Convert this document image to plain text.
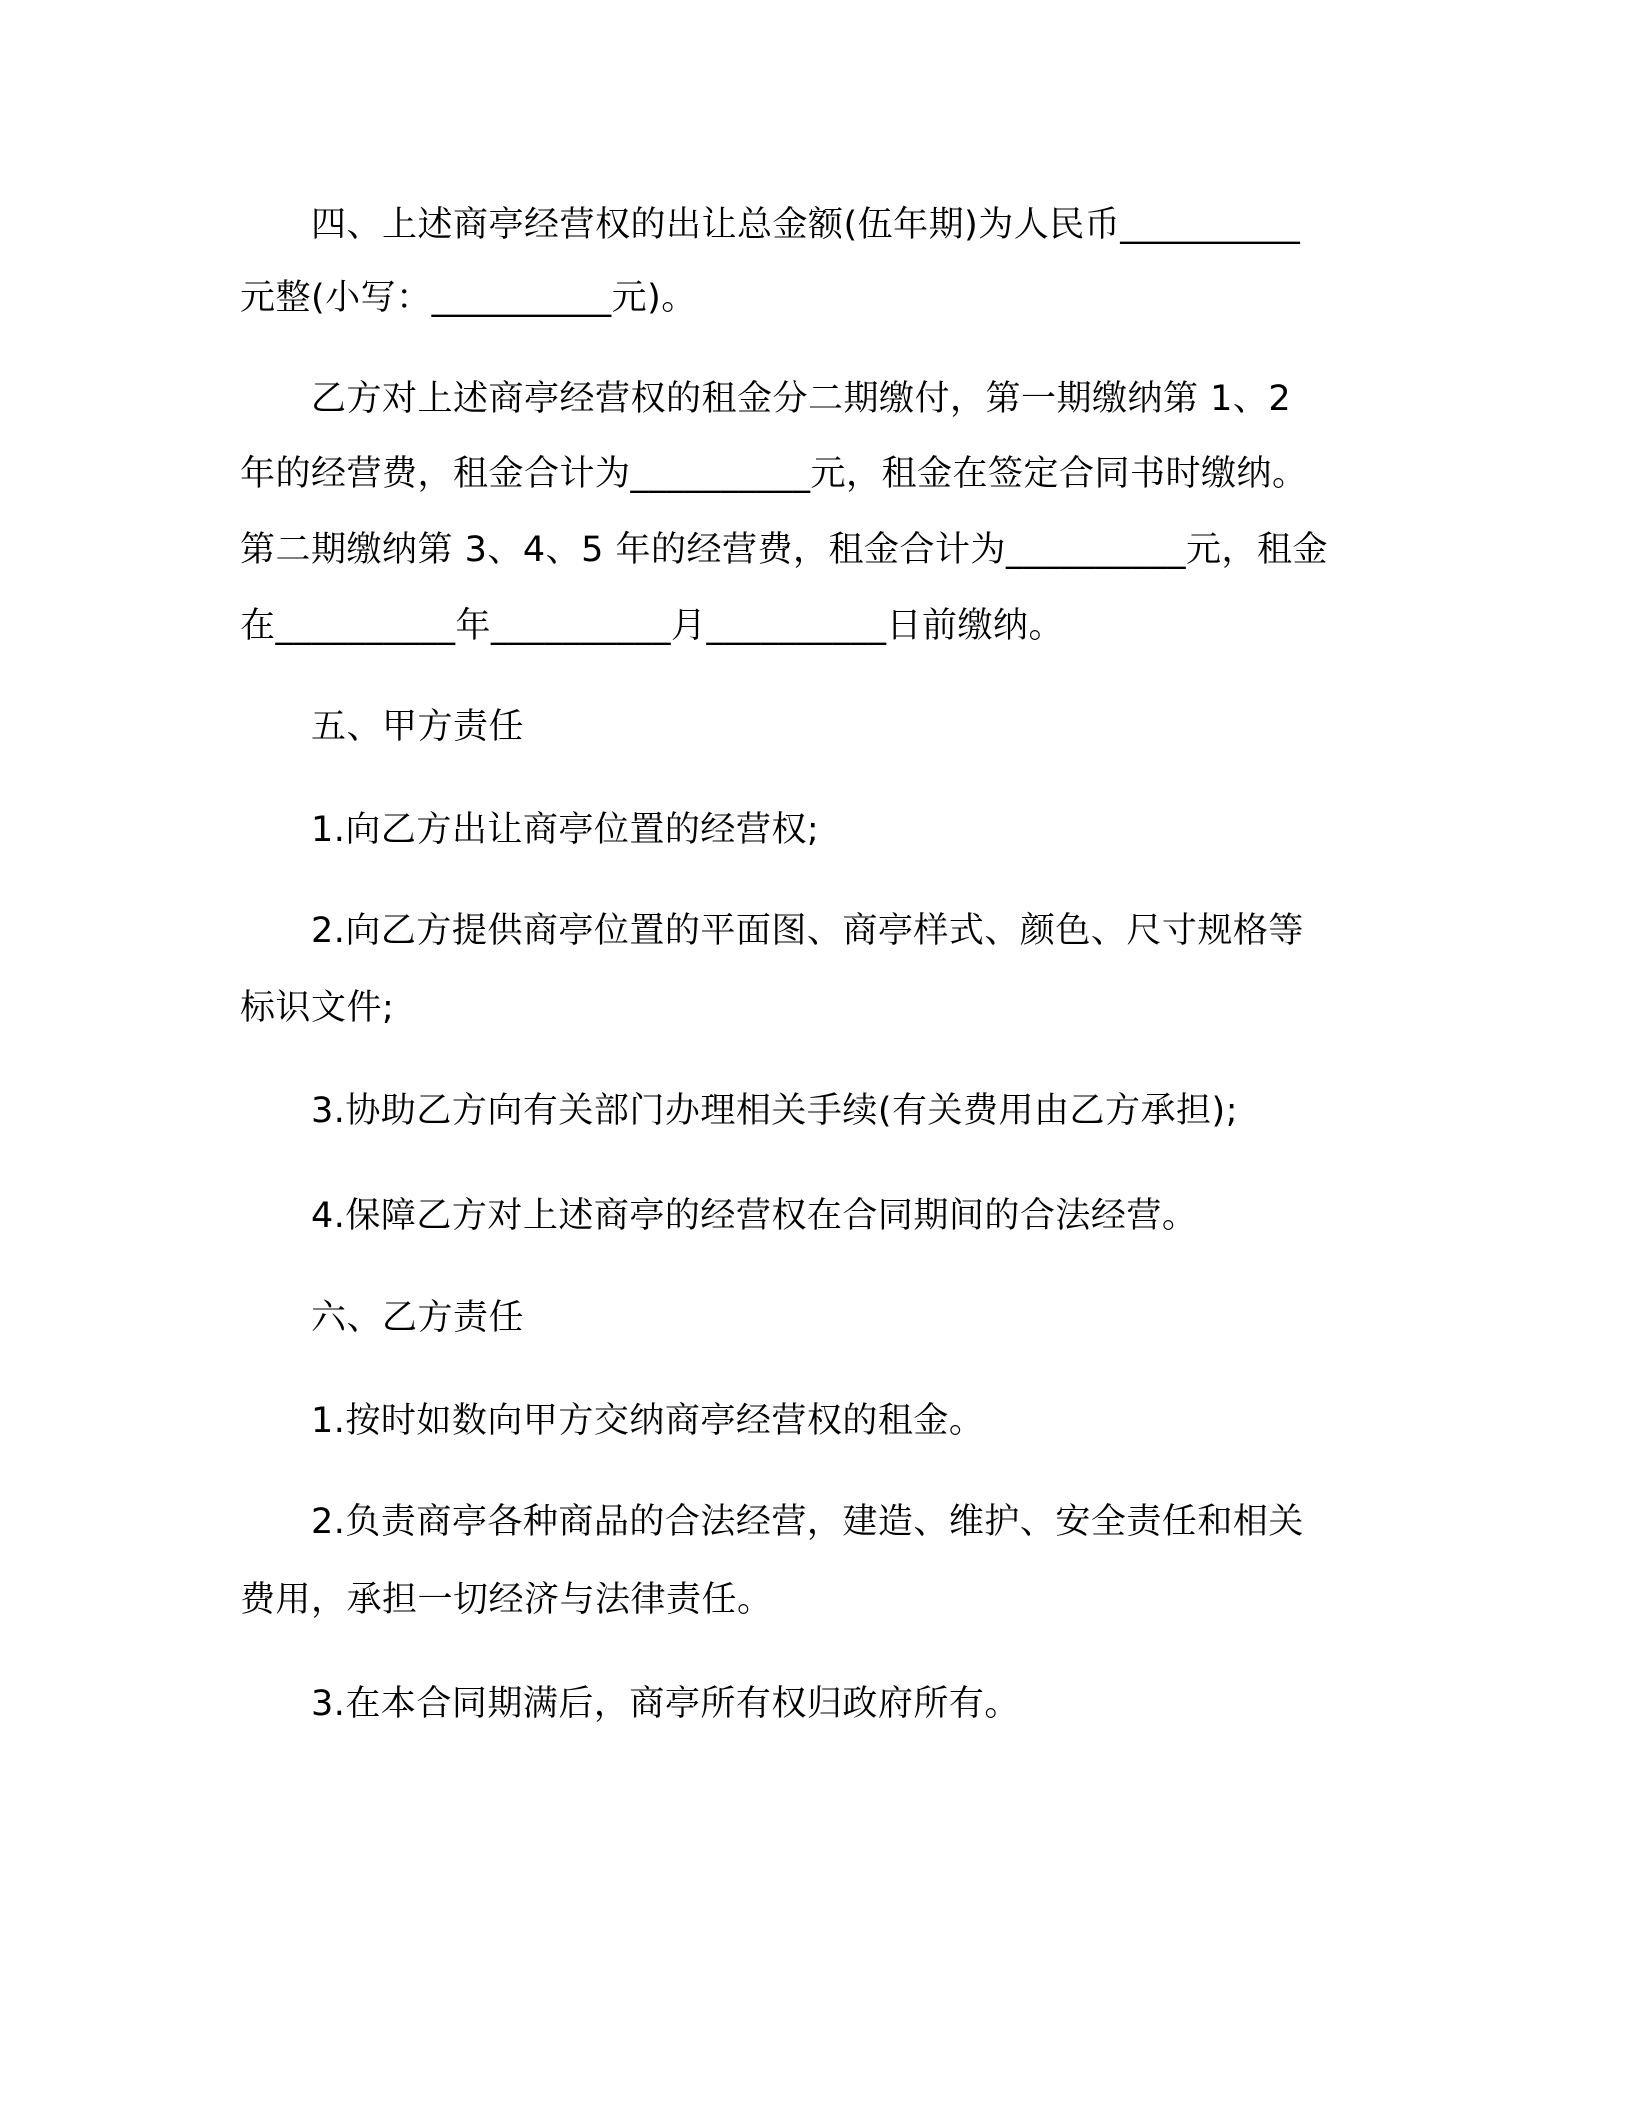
　　四、上述商亭经营权的出让总金额(伍年期)为人民币__________
元整(小写：__________元)。
　　乙方对上述商亭经营权的租金分二期缴付，第一期缴纳第 1、2
年的经营费，租金合计为__________元，租金在签定合同书时缴纳。
第二期缴纳第 3、4、5 年的经营费，租金合计为__________元，租金
在__________年__________月__________日前缴纳。
　　五、甲方责任
　　1.向乙方出让商亭位置的经营权;
　　2.向乙方提供商亭位置的平面图、商亭样式、颜色、尺寸规格等
标识文件;
　　3.协助乙方向有关部门办理相关手续(有关费用由乙方承担);
　　4.保障乙方对上述商亭的经营权在合同期间的合法经营。
　　六、乙方责任
　　1.按时如数向甲方交纳商亭经营权的租金。
　　2.负责商亭各种商品的合法经营，建造、维护、安全责任和相关
费用，承担一切经济与法律责任。
　　3.在本合同期满后，商亭所有权归政府所有。
